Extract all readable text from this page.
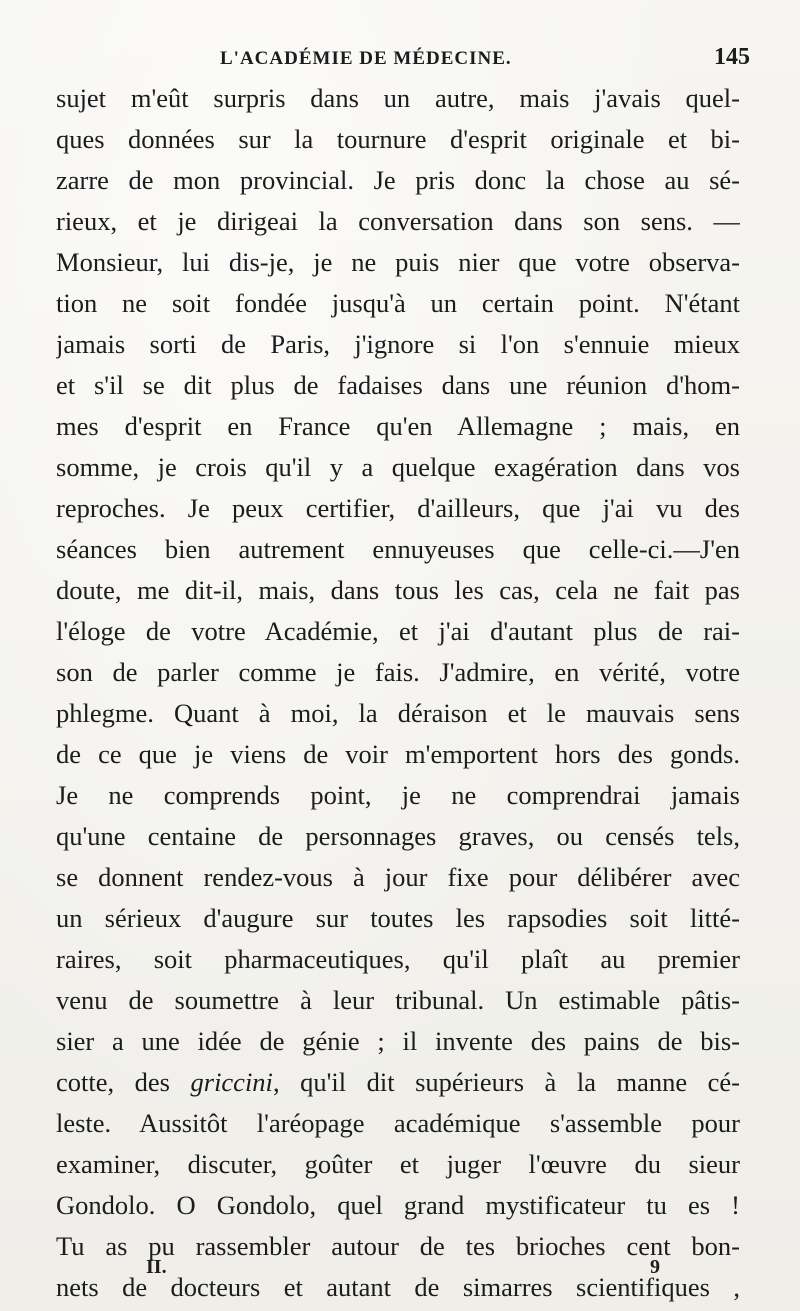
L'ACADÉMIE DE MÉDECINE.	145
sujet m'eût surpris dans un autre, mais j'avais quel-
ques données sur la tournure d'esprit originale et bi-
zarre de mon provincial. Je pris donc la chose au sé-
rieux, et je dirigeai la conversation dans son sens. —
Monsieur, lui dis-je, je ne puis nier que votre observa-
tion ne soit fondée jusqu'à un certain point. N'étant
jamais sorti de Paris, j'ignore si l'on s'ennuie mieux
et s'il se dit plus de fadaises dans une réunion d'hom-
mes d'esprit en France qu'en Allemagne ; mais, en
somme, je crois qu'il y a quelque exagération dans vos
reproches. Je peux certifier, d'ailleurs, que j'ai vu des
séances bien autrement ennuyeuses que celle-ci.—J'en
doute, me dit-il, mais, dans tous les cas, cela ne fait pas
l'éloge de votre Académie, et j'ai d'autant plus de rai-
son de parler comme je fais. J'admire, en vérité, votre
phlegme. Quant à moi, la déraison et le mauvais sens
de ce que je viens de voir m'emportent hors des gonds.
Je ne comprends point, je ne comprendrai jamais
qu'une centaine de personnages graves, ou censés tels,
se donnent rendez-vous à jour fixe pour délibérer avec
un sérieux d'augure sur toutes les rapsodies soit litté-
raires, soit pharmaceutiques, qu'il plaît au premier
venu de soumettre à leur tribunal. Un estimable pâtis-
sier a une idée de génie ; il invente des pains de bis-
cotte, des griccini, qu'il dit supérieurs à la manne cé-
leste. Aussitôt l'aréopage académique s'assemble pour
examiner, discuter, goûter et juger l'œuvre du sieur
Gondolo. O Gondolo, quel grand mystificateur tu es !
Tu as pu rassembler autour de tes brioches cent bon-
nets de docteurs et autant de simarres scientifiques ,
II.	9
